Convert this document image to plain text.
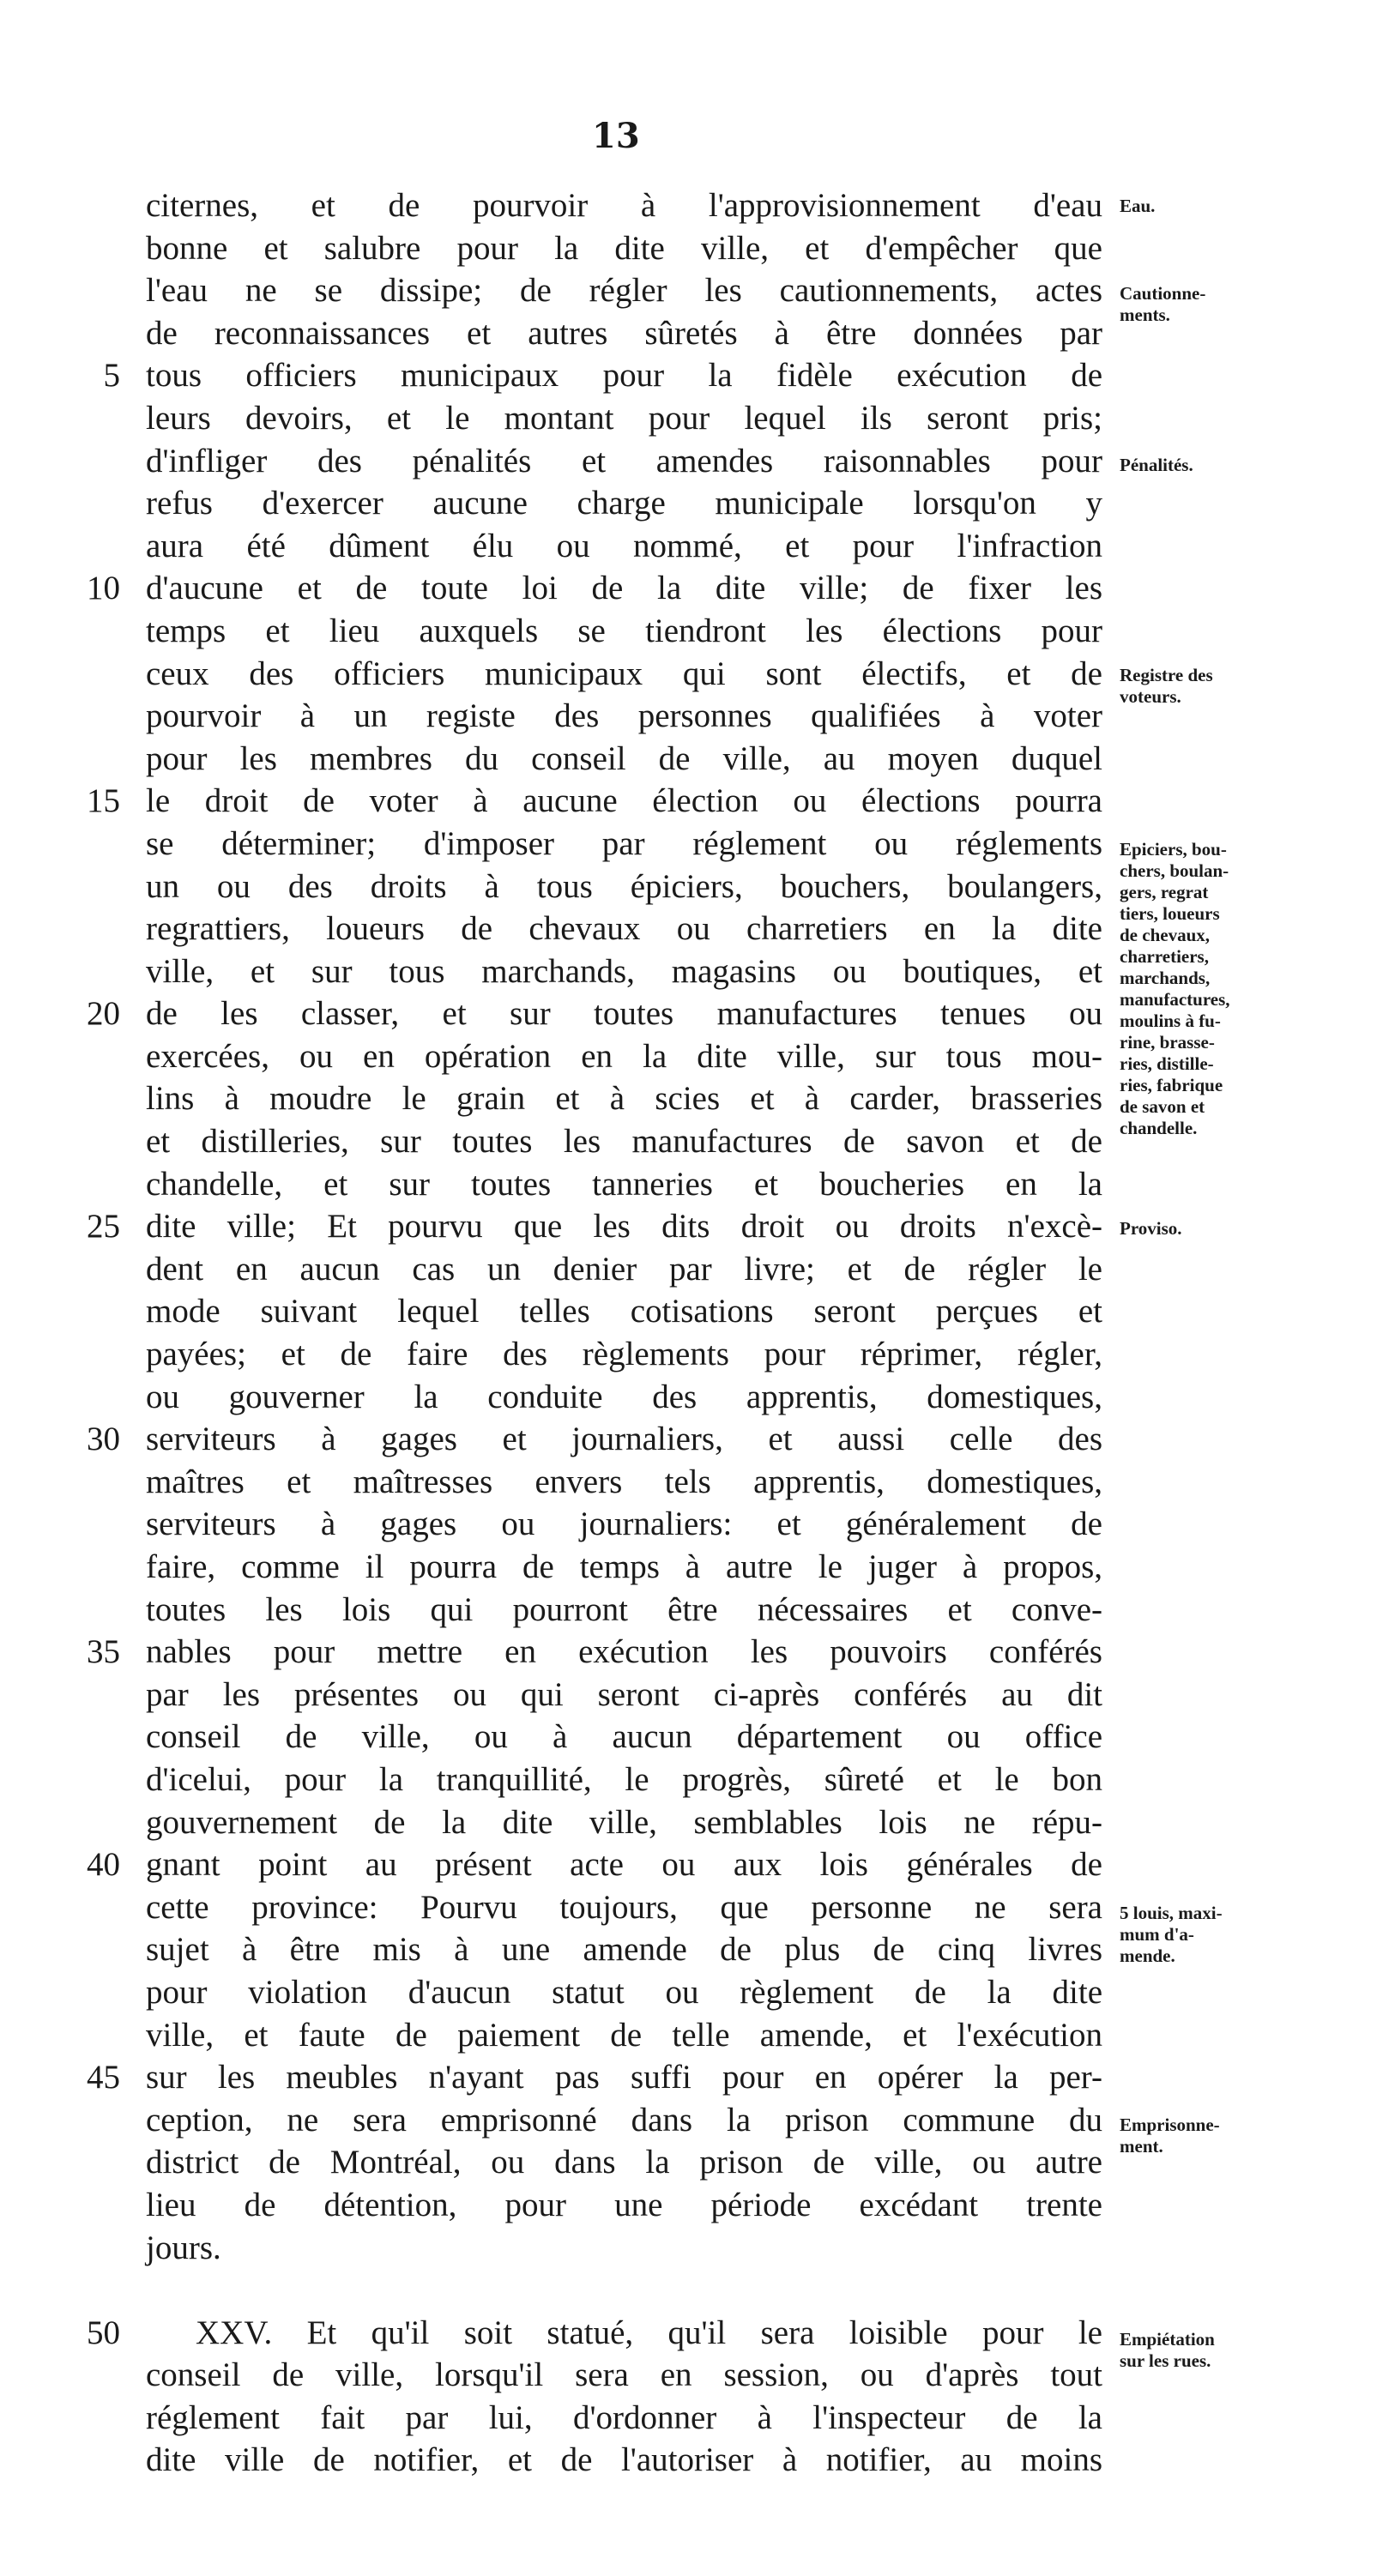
13
citernes, et de pourvoir à l'approvisionnement d'eau
bonne et salubre pour la dite ville, et d'empêcher que
l'eau ne se dissipe; de régler les cautionnements, actes
de reconnaissances et autres sûretés à être données par
5 tous officiers municipaux pour la fidèle exécution de
leurs devoirs, et le montant pour lequel ils seront pris;
d'infliger des pénalités et amendes raisonnables pour
refus d'exercer aucune charge municipale lorsqu'on y
aura été dûment élu ou nommé, et pour l'infraction
10 d'aucune et de toute loi de la dite ville; de fixer les
temps et lieu auxquels se tiendront les élections pour
ceux des officiers municipaux qui sont électifs, et de
pourvoir à un registe des personnes qualifiées à voter
pour les membres du conseil de ville, au moyen duquel
15 le droit de voter à aucune élection ou élections pourra
se déterminer; d'imposer par réglement ou réglements
un ou des droits à tous épiciers, bouchers, boulangers,
regrattiers, loueurs de chevaux ou charretiers en la dite
ville, et sur tous marchands, magasins ou boutiques, et
20 de les classer, et sur toutes manufactures tenues ou
exercées, ou en opération en la dite ville, sur tous mou-
lins à moudre le grain et à scies et à carder, brasseries
et distilleries, sur toutes les manufactures de savon et de
chandelle, et sur toutes tanneries et boucheries en la
25 dite ville; Et pourvu que les dits droit ou droits n'excè-
dent en aucun cas un denier par livre; et de régler le
mode suivant lequel telles cotisations seront perçues et
payées; et de faire des règlements pour réprimer, régler,
ou gouverner la conduite des apprentis, domestiques,
30 serviteurs à gages et journaliers, et aussi celle des
maîtres et maîtresses envers tels apprentis, domestiques,
serviteurs à gages ou journaliers: et généralement de
faire, comme il pourra de temps à autre le juger à propos,
toutes les lois qui pourront être nécessaires et conve-
35 nables pour mettre en exécution les pouvoirs conférés
par les présentes ou qui seront ci-après conférés au dit
conseil de ville, ou à aucun département ou office
d'icelui, pour la tranquillité, le progrès, sûreté et le bon
gouvernement de la dite ville, semblables lois ne répu-
40 gnant point au présent acte ou aux lois générales de
cette province: Pourvu toujours, que personne ne sera
sujet à être mis à une amende de plus de cinq livres
pour violation d'aucun statut ou règlement de la dite
ville, et faute de paiement de telle amende, et l'exécution
45 sur les meubles n'ayant pas suffi pour en opérer la per-
ception, ne sera emprisonné dans la prison commune du
district de Montréal, ou dans la prison de ville, ou autre
lieu de détention, pour une période excédant trente
jours.
50	XXV. Et qu'il soit statué, qu'il sera loisible pour le
conseil de ville, lorsqu'il sera en session, ou d'après tout
réglement fait par lui, d'ordonner à l'inspecteur de la
dite ville de notifier, et de l'autoriser à notifier, au moins
Eau.
Cautionne-
ments.
Pénalités.
Registre des
voteurs.
Epiciers, bou-
chers, boulan-
gers, regrat
tiers, loueurs
de chevaux,
charretiers,
marchands,
manufactures,
moulins à fu-
rine, brasse-
ries, distille-
ries, fabrique
de savon et
chandelle.
Proviso.
5 louis, maxi-
mum d'a-
mende.
Emprisonne-
ment.
Empiétation
sur les rues.
